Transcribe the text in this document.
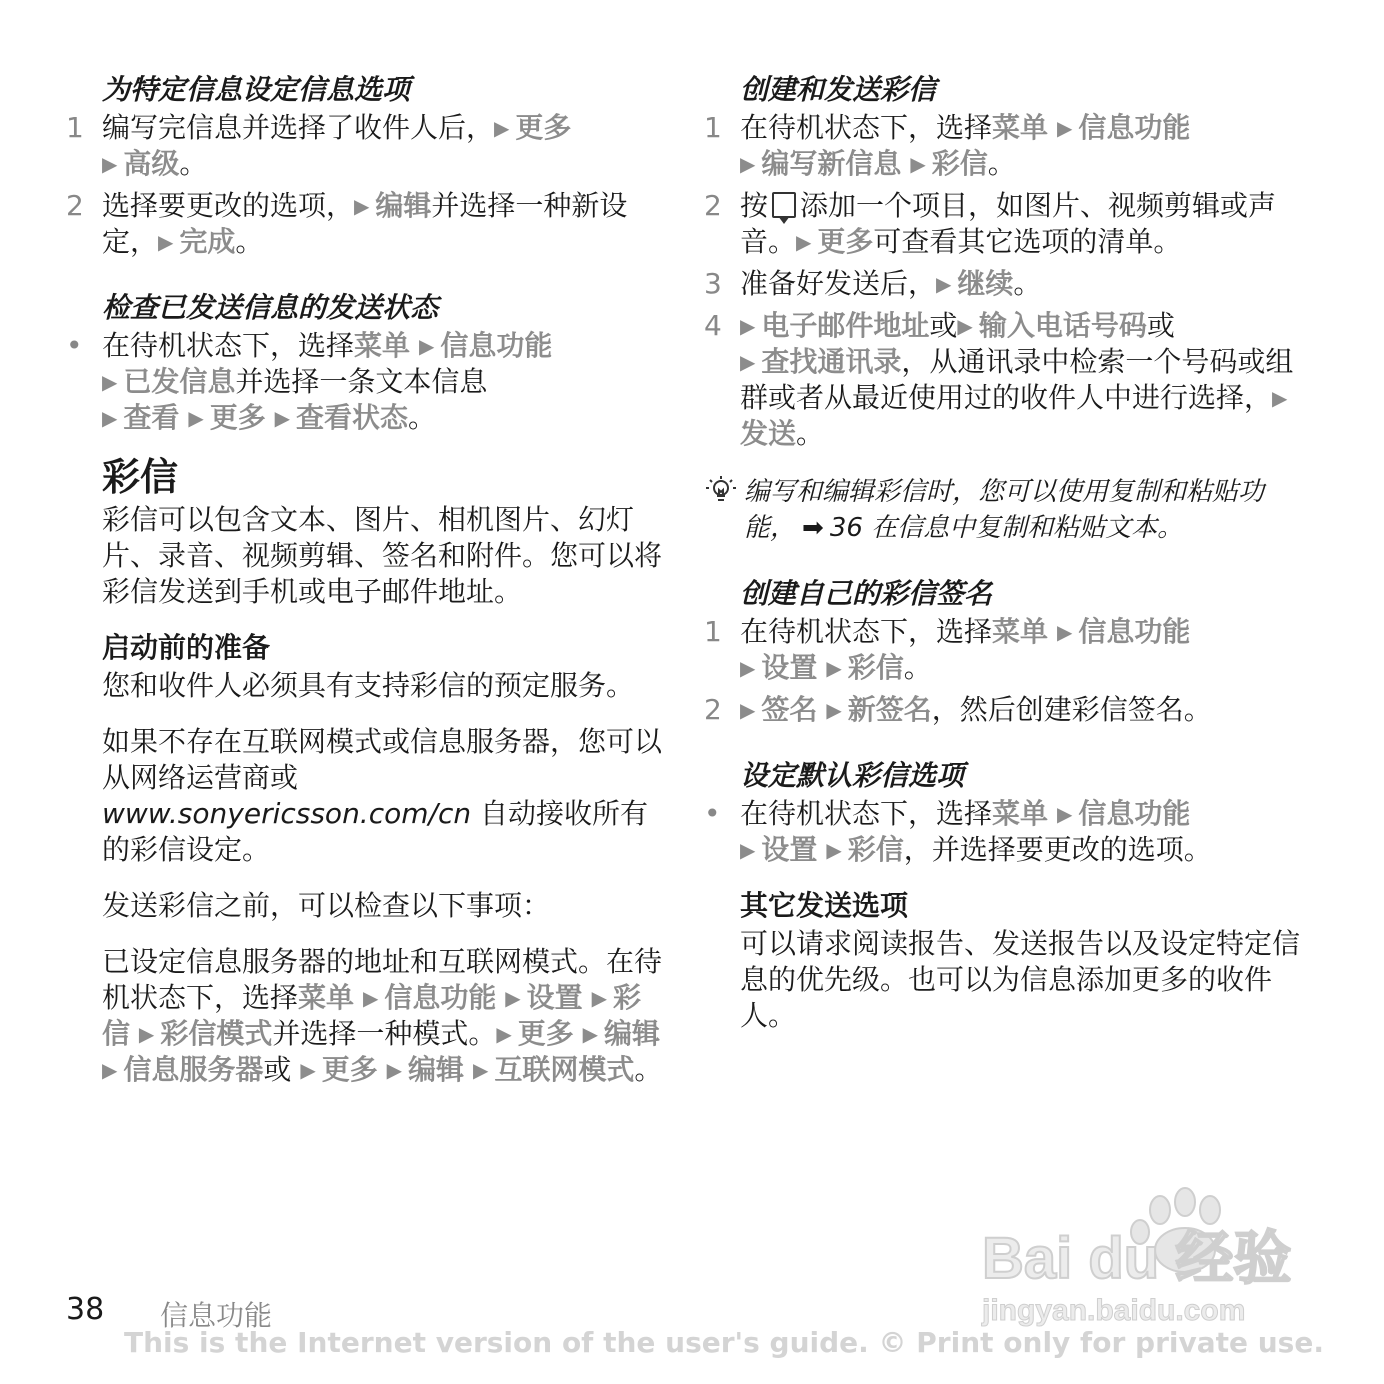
为特定信息设定信息选项
1 编写完信息并选择了收件人后，▶ 更多
▶ 高级。
2 选择要更改的选项，▶ 编辑并选择一种新设定，▶ 完成。
检查已发送信息的发送状态
• 在待机状态下，选择菜单 ▶ 信息功能
▶ 已发信息并选择一条文本信息
▶ 查看 ▶ 更多 ▶ 查看状态。
彩信
彩信可以包含文本、图片、相机图片、幻灯片、录音、视频剪辑、签名和附件。您可以将彩信发送到手机或电子邮件地址。
启动前的准备
您和收件人必须具有支持彩信的预定服务。
如果不存在互联网模式或信息服务器，您可以从网络运营商或
www.sonyericsson.com/cn 自动接收所有的彩信设定。
发送彩信之前，可以检查以下事项：
已设定信息服务器的地址和互联网模式。在待机状态下，选择菜单 ▶ 信息功能 ▶ 设置 ▶ 彩信 ▶ 彩信模式并选择一种模式。▶ 更多 ▶ 编辑 ▶ 信息服务器或 ▶ 更多 ▶ 编辑 ▶ 互联网模式。
创建和发送彩信
1 在待机状态下，选择菜单 ▶ 信息功能
▶ 编写新信息 ▶ 彩信。
2 按 添加一个项目，如图片、视频剪辑或声音。▶ 更多可查看其它选项的清单。
3 准备好发送后，▶ 继续。
4 ▶ 电子邮件地址或▶ 输入电话号码或
▶ 查找通讯录，从通讯录中检索一个号码或组群或者从最近使用过的收件人中进行选择，▶发送。
编写和编辑彩信时，您可以使用复制和粘贴功能， ➡ 36 在信息中复制和粘贴文本。
创建自己的彩信签名
1 在待机状态下，选择菜单 ▶ 信息功能
▶ 设置 ▶ 彩信。
2 ▶ 签名 ▶ 新签名，然后创建彩信签名。
设定默认彩信选项
• 在待机状态下，选择菜单 ▶ 信息功能
▶ 设置 ▶ 彩信，并选择要更改的选项。
其它发送选项
可以请求阅读报告、发送报告以及设定特定信息的优先级。也可以为信息添加更多的收件人。
Bai du 经验
jingyan.baidu.com
38 信息功能
This is the Internet version of the user's guide. © Print only for private use.
